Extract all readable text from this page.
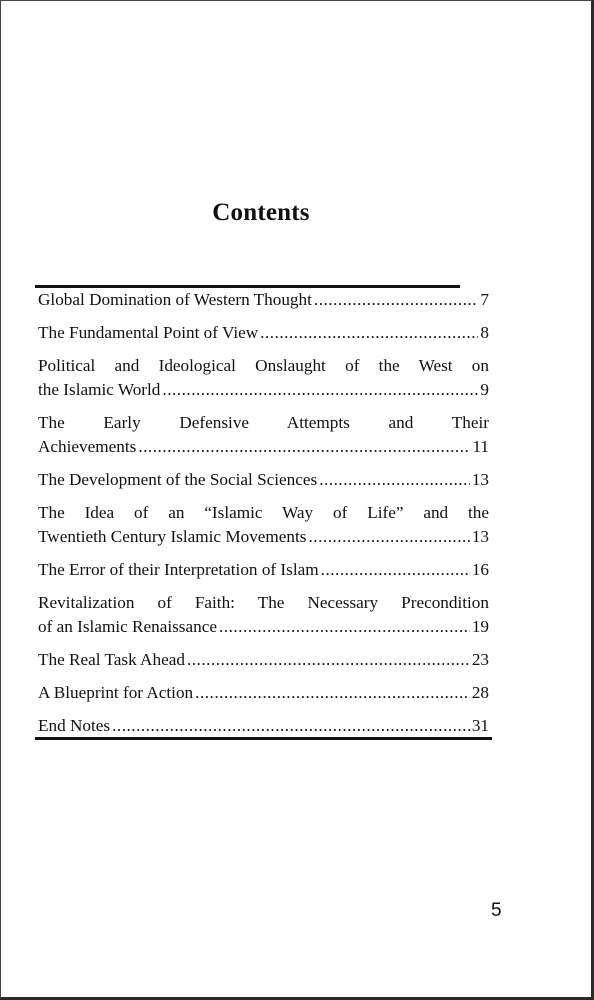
Contents
Global Domination of Western Thought .....	7
The Fundamental Point of View .....	8
Political and Ideological Onslaught of the West on
the Islamic World .....	9
The Early Defensive Attempts and Their
Achievements .....	11
The Development of the Social Sciences .....	13
The Idea of an “Islamic Way of Life” and the
Twentieth Century Islamic Movements .....	13
The Error of their Interpretation of Islam .....	16
Revitalization of Faith: The Necessary Precondition
of an Islamic Renaissance .....	19
The Real Task Ahead .....	23
A Blueprint for Action .....	28
End Notes .....	31
5
